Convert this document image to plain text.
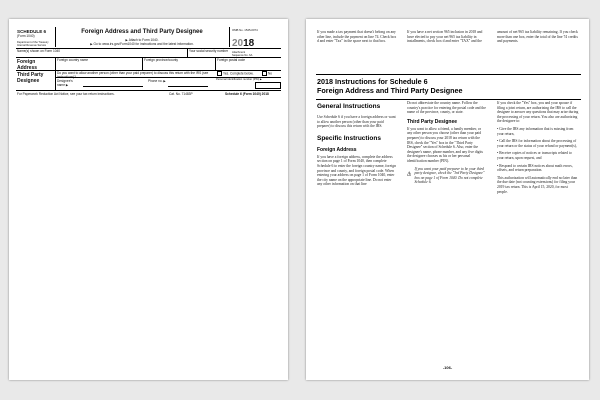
SCHEDULE 6
(Form 1040)
Department of the Treasury Internal Revenue Service
Foreign Address and Third Party Designee
▶ Attach to Form 1040.
▶ Go to www.irs.gov/Form1040 for instructions and the latest information.
OMB No. 1545-0074
2018
Attachment
Sequence No. 6A
Name(s) shown on Form 1040	Your social security number
Foreign Address
Foreign country name	Foreign province/county	Foreign postal code
Third Party Designee
Do you want to allow another person (other than your paid preparer) to discuss this return with the IRS (see instructions)?
Yes. Complete below.	No
Designee's name ▶
Phone no. ▶	Personal identification number (PIN) ▶
For Paperwork Reduction Act Notice, see your tax return instructions.	Cat. No. 71483P	Schedule 6 (Form 1040) 2018

If you made a tax payment that doesn't belong on any other line, include the payment on line 74. Check box d and enter "Tax" in the space next to that box.

If you have a net section 965 inclusion in 2018 and have elected to pay your net 965 tax liability in installments, check box d and enter "TAX" and the

amount of net 965 tax liability remaining. If you check more than one box, enter the total of the line 74 credits and payments.

2018 Instructions for Schedule 6
Foreign Address and Third Party Designee
General Instructions

Use Schedule 6 if you have a foreign address or want to allow another person (other than your paid preparer) to discuss this return with the IRS.

Specific Instructions
Foreign Address

If you have a foreign address, complete the address section on page 1 of Form 1040, then complete Schedule 6 to enter the foreign country name, foreign province and county, and foreign postal code. When entering your address on page 1 of Form 1040, enter the city name on the appropriate line. Do not enter any other information on that line

Do not abbreviate the country name. Follow the country's practice for entering the postal code and the name of the province, county, or state.

Third Party Designee

If you want to allow a friend, a family member, or any other person you choose (other than your paid preparer) to discuss your 2018 tax return with the IRS, check the "Yes" box in the "Third Party Designee" section of Schedule 6. Also, enter the designee's name, phone number, and any five digits the designee chooses as his or her personal identification number (PIN).

If you want your paid preparer to be your third party designee, check the "3rd Party Designee" box on page 1 of Form 1040. Do not complete Schedule 6.

If you check the "Yes" box, you and your spouse if filing a joint return, are authorizing the IRS to call the designee to answer any questions that may arise during the processing of your return. You also are authorizing the designee to:

• Give the IRS any information that is missing from your return,

• Call the IRS for information about the processing of your return or the status of your refund or payment(s),

• Receive copies of notices or transcripts related to your return, upon request, and

• Respond to certain IRS notices about math errors, offsets, and return preparation.

This authorization will automatically end no later than the due date (not counting extensions) for filing your 2019 tax return. This is April 15, 2020, for most people.

-106-
